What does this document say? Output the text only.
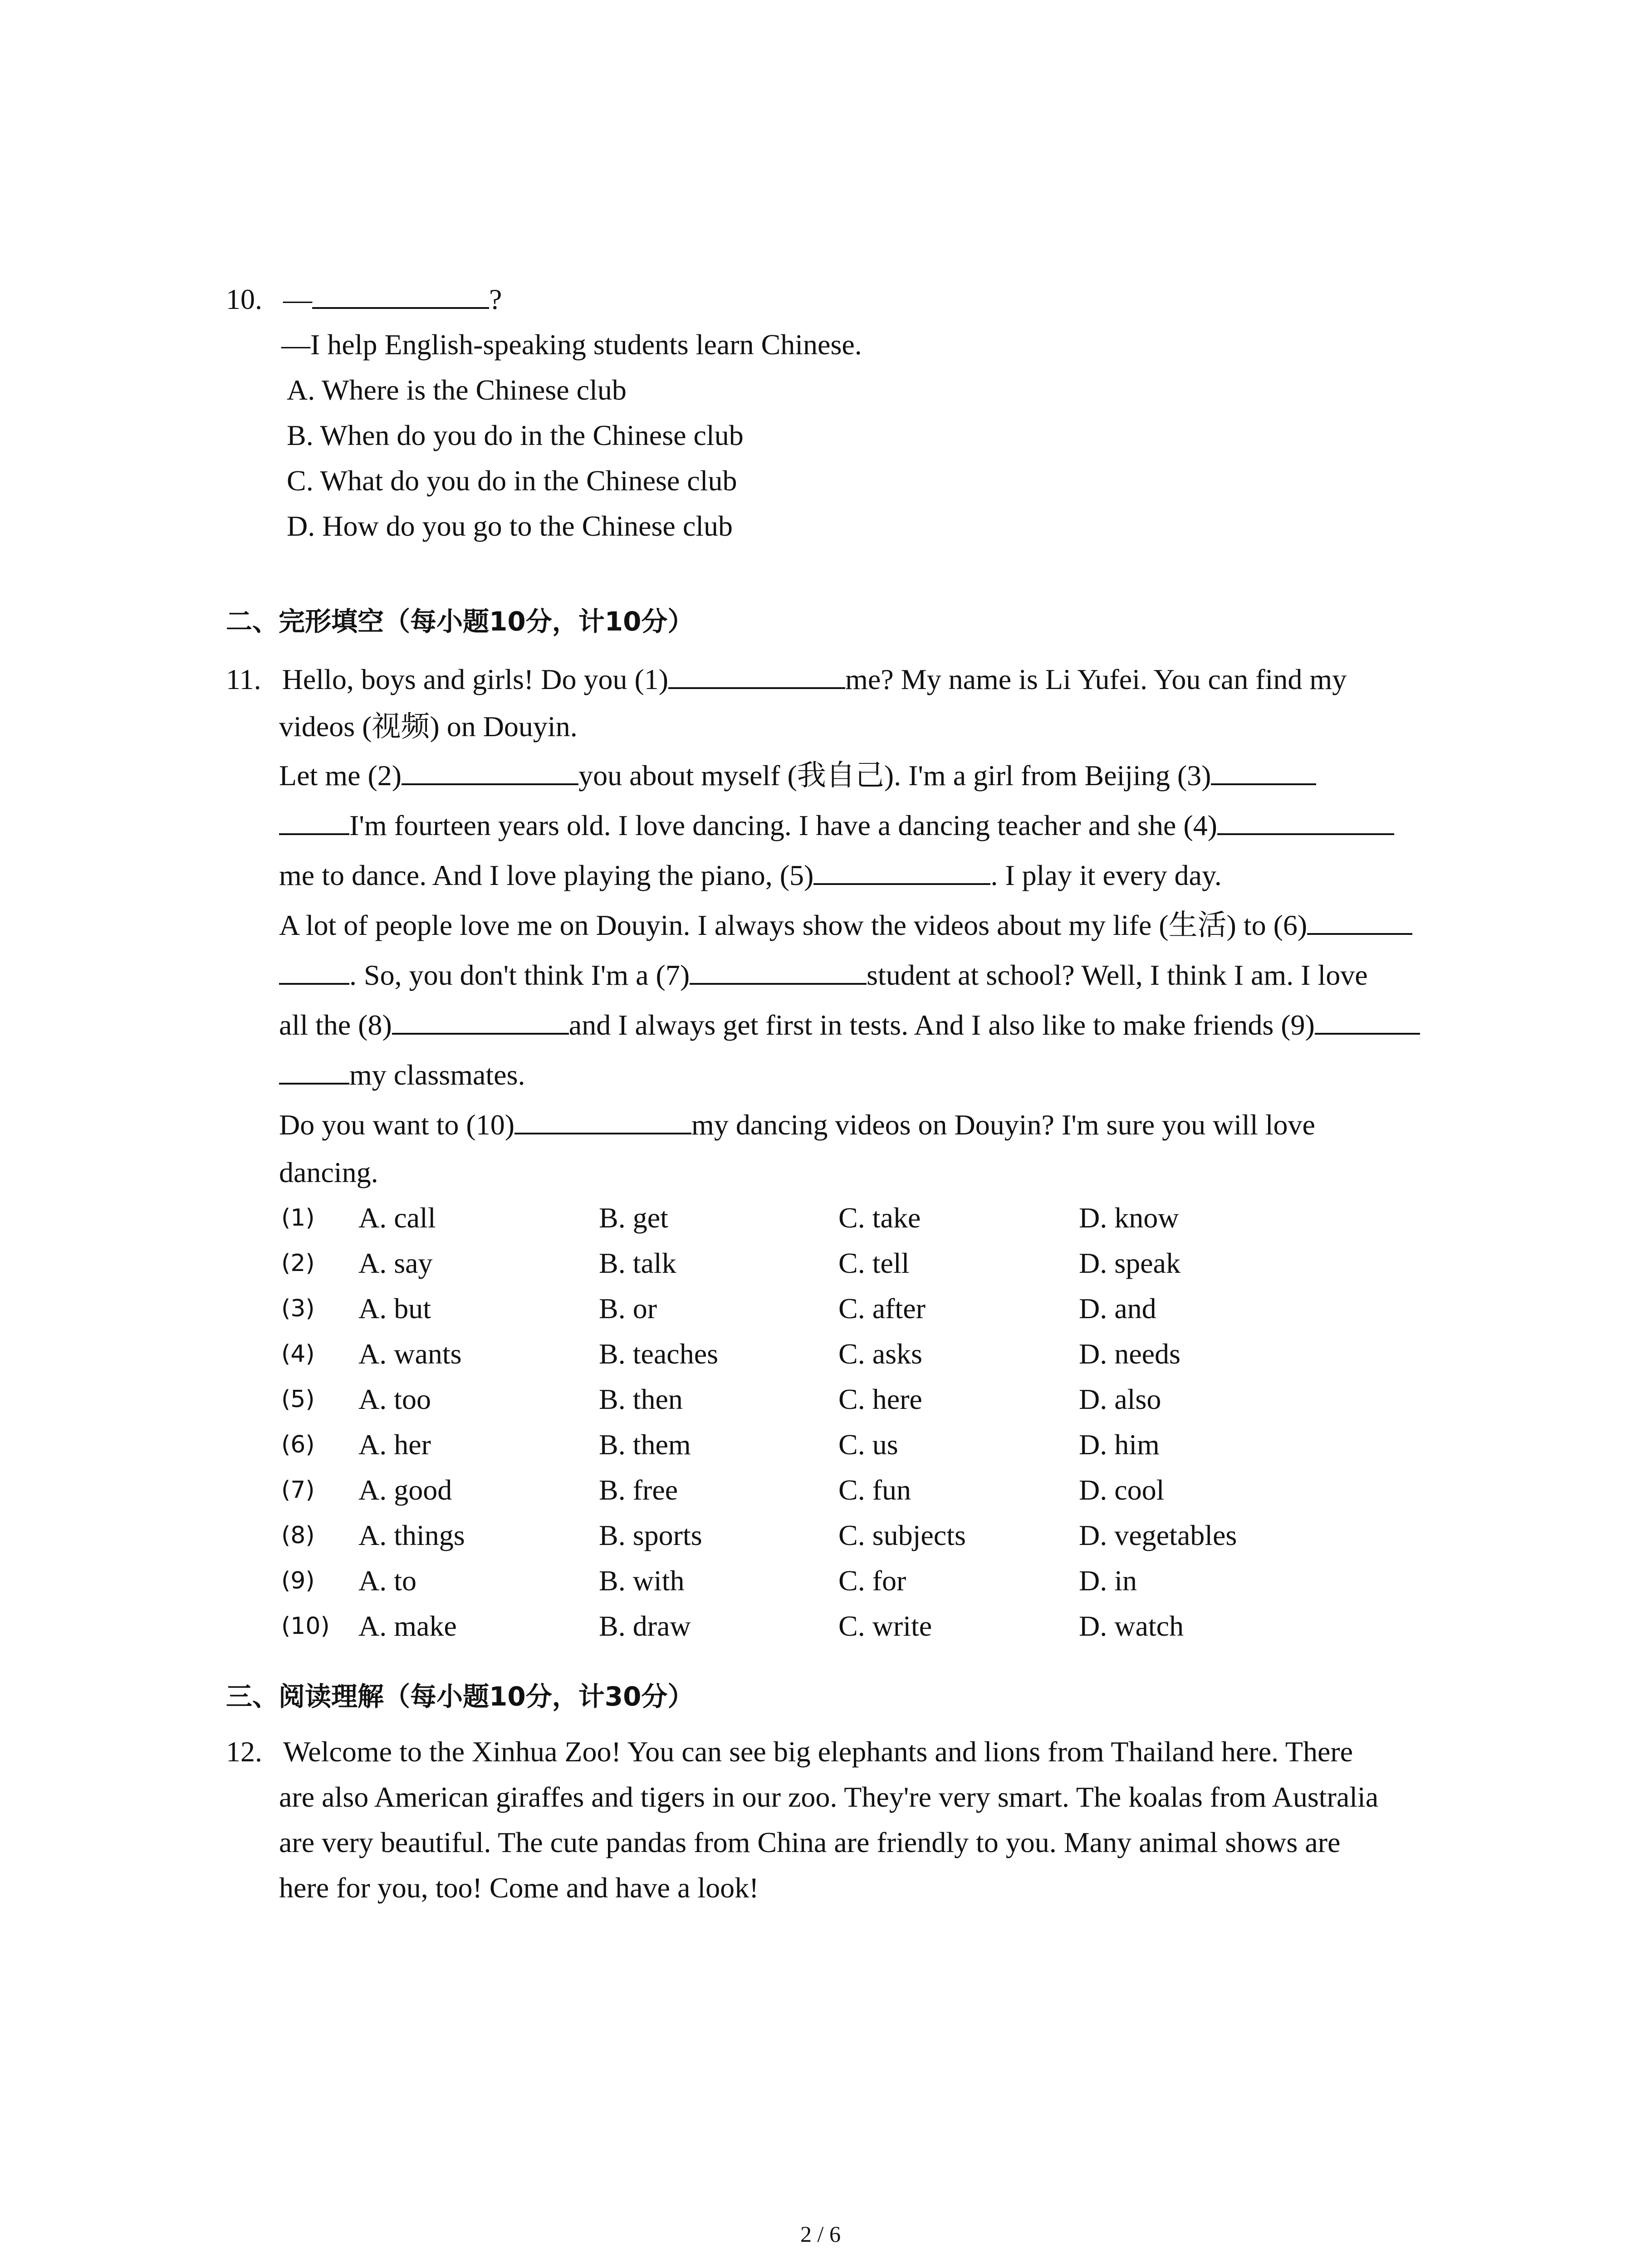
10. —	?
—I help English-speaking students learn Chinese.
A. Where is the Chinese club
B. When do you do in the Chinese club
C. What do you do in the Chinese club
D. How do you go to the Chinese club
二、完形填空（每小题10分，计10分）
11. Hello, boys and girls! Do you (1)	me? My name is Li Yufei. You can find my
videos (视频) on Douyin.
Let me (2)	you about myself (我自己). I'm a girl from Beijing (3)
I'm fourteen years old. I love dancing. I have a dancing teacher and she (4)
me to dance. And I love playing the piano, (5)	. I play it every day.
A lot of people love me on Douyin. I always show the videos about my life (生活) to (6)
. So, you don't think I'm a (7)	student at school? Well, I think I am. I love
all the (8)	and I always get first in tests. And I also like to make friends (9)
my classmates.
Do you want to (10)	my dancing videos on Douyin? I'm sure you will love
dancing.
(1) A. call	B. get	C. take	D. know
(2) A. say	B. talk	C. tell	D. speak
(3) A. but	B. or	C. after	D. and
(4) A. wants	B. teaches	C. asks	D. needs
(5) A. too	B. then	C. here	D. also
(6) A. her	B. them	C. us	D. him
(7) A. good	B. free	C. fun	D. cool
(8) A. things	B. sports	C. subjects	D. vegetables
(9) A. to	B. with	C. for	D. in
(10) A. make	B. draw	C. write	D. watch
三、阅读理解（每小题10分，计30分）
12. Welcome to the Xinhua Zoo! You can see big elephants and lions from Thailand here. There
are also American giraffes and tigers in our zoo. They're very smart. The koalas from Australia
are very beautiful. The cute pandas from China are friendly to you. Many animal shows are
here for you, too! Come and have a look!
2 / 6
